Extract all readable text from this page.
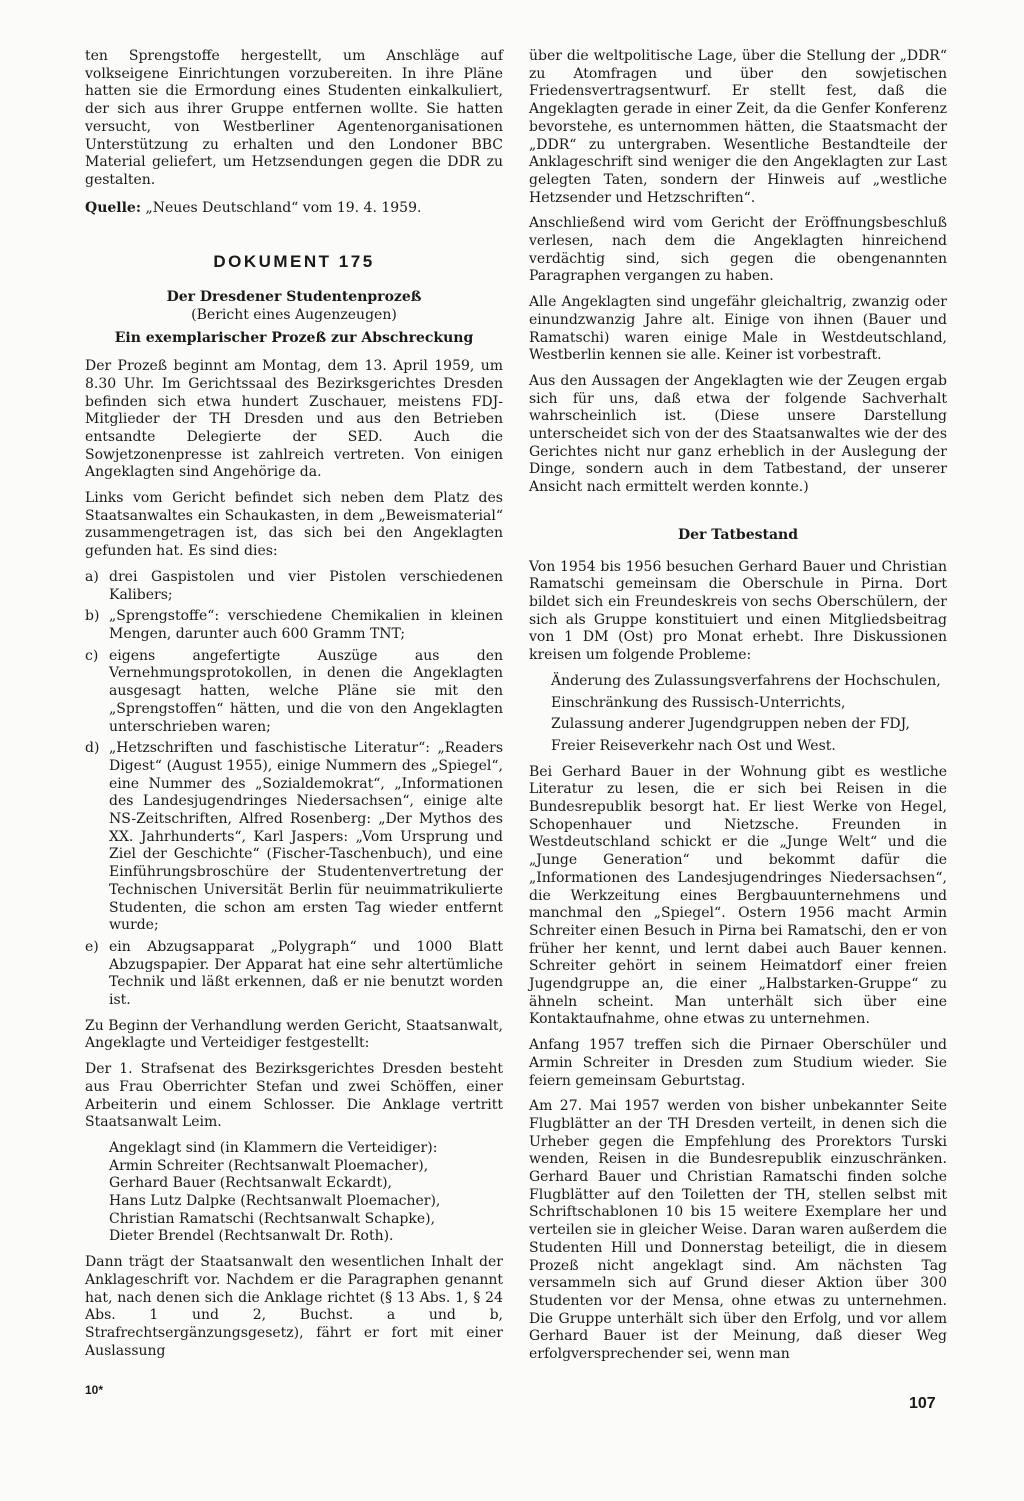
ten Sprengstoffe hergestellt, um Anschläge auf volkseigene Einrichtungen vorzubereiten. In ihre Pläne hatten sie die Ermordung eines Studenten einkalkuliert, der sich aus ihrer Gruppe entfernen wollte. Sie hatten versucht, von Westberliner Agentenorganisationen Unterstützung zu erhalten und den Londoner BBC Material geliefert, um Hetzsendungen gegen die DDR zu gestalten.

Quelle: „Neues Deutschland“ vom 19. 4. 1959.

DOKUMENT 175

Der Dresdener Studentenprozeß

(Bericht eines Augenzeugen)

Ein exemplarischer Prozeß zur Abschreckung

Der Prozeß beginnt am Montag, dem 13. April 1959, um 8.30 Uhr. Im Gerichtssaal des Bezirksgerichtes Dresden befinden sich etwa hundert Zuschauer, meistens FDJ-Mitglieder der TH Dresden und aus den Betrieben entsandte Delegierte der SED. Auch die Sowjetzonenpresse ist zahlreich vertreten. Von einigen Angeklagten sind Angehörige da.

Links vom Gericht befindet sich neben dem Platz des Staatsanwaltes ein Schaukasten, in dem „Beweismaterial“ zusammengetragen ist, das sich bei den Angeklagten gefunden hat. Es sind dies:

a) drei Gaspistolen und vier Pistolen verschiedenen Kalibers;
b) „Sprengstoffe“: verschiedene Chemikalien in kleinen Mengen, darunter auch 600 Gramm TNT;
c) eigens angefertigte Auszüge aus den Vernehmungsprotokollen, in denen die Angeklagten ausgesagt hatten, welche Pläne sie mit den „Sprengstoffen“ hätten, und die von den Angeklagten unterschrieben waren;
d) „Hetzschriften und faschistische Literatur“: „Readers Digest“ (August 1955), einige Nummern des „Spiegel“, eine Nummer des „Sozialdemokrat“, „Informationen des Landesjugendringes Niedersachsen“, einige alte NS-Zeitschriften, Alfred Rosenberg: „Der Mythos des XX. Jahrhunderts“, Karl Jaspers: „Vom Ursprung und Ziel der Geschichte“ (Fischer-Taschenbuch), und eine Einführungsbroschüre der Studentenvertretung der Technischen Universität Berlin für neuimmatrikulierte Studenten, die schon am ersten Tag wieder entfernt wurde;
e) ein Abzugsapparat „Polygraph“ und 1000 Blatt Abzugspapier. Der Apparat hat eine sehr altertümliche Technik und läßt erkennen, daß er nie benutzt worden ist.

Zu Beginn der Verhandlung werden Gericht, Staatsanwalt, Angeklagte und Verteidiger festgestellt:

Der 1. Strafsenat des Bezirksgerichtes Dresden besteht aus Frau Oberrichter Stefan und zwei Schöffen, einer Arbeiterin und einem Schlosser. Die Anklage vertritt Staatsanwalt Leim.

Angeklagt sind (in Klammern die Verteidiger):
Armin Schreiter (Rechtsanwalt Ploemacher),
Gerhard Bauer (Rechtsanwalt Eckardt),
Hans Lutz Dalpke (Rechtsanwalt Ploemacher),
Christian Ramatschi (Rechtsanwalt Schapke),
Dieter Brendel (Rechtsanwalt Dr. Roth).

Dann trägt der Staatsanwalt den wesentlichen Inhalt der Anklageschrift vor. Nachdem er die Paragraphen genannt hat, nach denen sich die Anklage richtet (§ 13 Abs. 1, § 24 Abs. 1 und 2, Buchst. a und b, Strafrechtsergänzungsgesetz), fährt er fort mit einer Auslassung

über die weltpolitische Lage, über die Stellung der „DDR“ zu Atomfragen und über den sowjetischen Friedensvertragsentwurf. Er stellt fest, daß die Angeklagten gerade in einer Zeit, da die Genfer Konferenz bevorstehe, es unternommen hätten, die Staatsmacht der „DDR“ zu untergraben. Wesentliche Bestandteile der Anklageschrift sind weniger die den Angeklagten zur Last gelegten Taten, sondern der Hinweis auf „westliche Hetzsender und Hetzschriften“.

Anschließend wird vom Gericht der Eröffnungsbeschluß verlesen, nach dem die Angeklagten hinreichend verdächtig sind, sich gegen die obengenannten Paragraphen vergangen zu haben.

Alle Angeklagten sind ungefähr gleichaltrig, zwanzig oder einundzwanzig Jahre alt. Einige von ihnen (Bauer und Ramatschi) waren einige Male in Westdeutschland, Westberlin kennen sie alle. Keiner ist vorbestraft.

Aus den Aussagen der Angeklagten wie der Zeugen ergab sich für uns, daß etwa der folgende Sachverhalt wahrscheinlich ist. (Diese unsere Darstellung unterscheidet sich von der des Staatsanwaltes wie der des Gerichtes nicht nur ganz erheblich in der Auslegung der Dinge, sondern auch in dem Tatbestand, der unserer Ansicht nach ermittelt werden konnte.)

Der Tatbestand

Von 1954 bis 1956 besuchen Gerhard Bauer und Christian Ramatschi gemeinsam die Oberschule in Pirna. Dort bildet sich ein Freundeskreis von sechs Oberschülern, der sich als Gruppe konstituiert und einen Mitgliedsbeitrag von 1 DM (Ost) pro Monat erhebt. Ihre Diskussionen kreisen um folgende Probleme:

Änderung des Zulassungsverfahrens der Hochschulen,
Einschränkung des Russisch-Unterrichts,
Zulassung anderer Jugendgruppen neben der FDJ,
Freier Reiseverkehr nach Ost und West.

Bei Gerhard Bauer in der Wohnung gibt es westliche Literatur zu lesen, die er sich bei Reisen in die Bundesrepublik besorgt hat. Er liest Werke von Hegel, Schopenhauer und Nietzsche. Freunden in Westdeutschland schickt er die „Junge Welt“ und die „Junge Generation“ und bekommt dafür die „Informationen des Landesjugendringes Niedersachsen“, die Werkzeitung eines Bergbauunternehmens und manchmal den „Spiegel“. Ostern 1956 macht Armin Schreiter einen Besuch in Pirna bei Ramatschi, den er von früher her kennt, und lernt dabei auch Bauer kennen. Schreiter gehört in seinem Heimatdorf einer freien Jugendgruppe an, die einer „Halbstarken-Gruppe“ zu ähneln scheint. Man unterhält sich über eine Kontaktaufnahme, ohne etwas zu unternehmen.

Anfang 1957 treffen sich die Pirnaer Oberschüler und Armin Schreiter in Dresden zum Studium wieder. Sie feiern gemeinsam Geburtstag.

Am 27. Mai 1957 werden von bisher unbekannter Seite Flugblätter an der TH Dresden verteilt, in denen sich die Urheber gegen die Empfehlung des Prorektors Turski wenden, Reisen in die Bundesrepublik einzuschränken. Gerhard Bauer und Christian Ramatschi finden solche Flugblätter auf den Toiletten der TH, stellen selbst mit Schriftschablonen 10 bis 15 weitere Exemplare her und verteilen sie in gleicher Weise. Daran waren außerdem die Studenten Hill und Donnerstag beteiligt, die in diesem Prozeß nicht angeklagt sind. Am nächsten Tag versammeln sich auf Grund dieser Aktion über 300 Studenten vor der Mensa, ohne etwas zu unternehmen. Die Gruppe unterhält sich über den Erfolg, und vor allem Gerhard Bauer ist der Meinung, daß dieser Weg erfolgversprechender sei, wenn man

10*
107
